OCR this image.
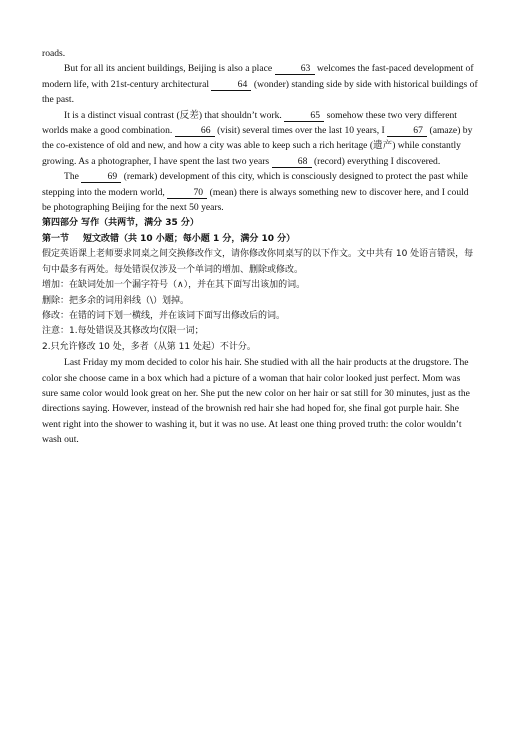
roads.

But for all its ancient buildings, Beijing is also a place	63 welcomes the fast-paced development of modern life, with 21st-century architectural	64 (wonder) standing side by side with historical buildings of the past.

It is a distinct visual contrast (反差) that shouldn’t work.	65 somehow these two very different worlds make a good combination.	66 (visit) several times over the last 10 years, I	67 (amaze) by the co-existence of old and new, and how a city was able to keep such a rich heritage (遗产) while constantly growing. As a photographer, I have spent the last two years	68 (record) everything I discovered.

The	69 (remark) development of this city, which is consciously designed to protect the past while stepping into the modern world,	70 (mean) there is always something new to discover here, and I could be photographing Beijing for the next 50 years.

第四部分 写作（共两节，满分 35 分）

第一节 短文改错（共 10 小题；每小题 1 分，满分 10 分）

假定英语课上老师要求同桌之间交换修改作文，请你修改你同桌写的以下作文。文中共有 10 处语言错误，每句中最多有两处。每处错误仅涉及一个单词的增加、删除或修改。

增加：在缺词处加一个漏字符号（∧），并在其下面写出该加的词。

删除：把多余的词用斜线（\）划掉。

修改：在错的词下划一横线，并在该词下面写出修改后的词。

注意：1.每处错误及其修改均仅限一词；

2.只允许修改 10 处，多者（从第 11 处起）不计分。

Last Friday my mom decided to color his hair. She studied with all the hair products at the drugstore. The color she choose came in a box which had a picture of a woman that hair color looked just perfect. Mom was sure same color would look great on her. She put the new color on her hair or sat still for 30 minutes, just as the directions saying. However, instead of the brownish red hair she had hoped for, she final got purple hair. She went right into the shower to washing it, but it was no use. At least one thing proved truth: the color wouldn’t wash out.
